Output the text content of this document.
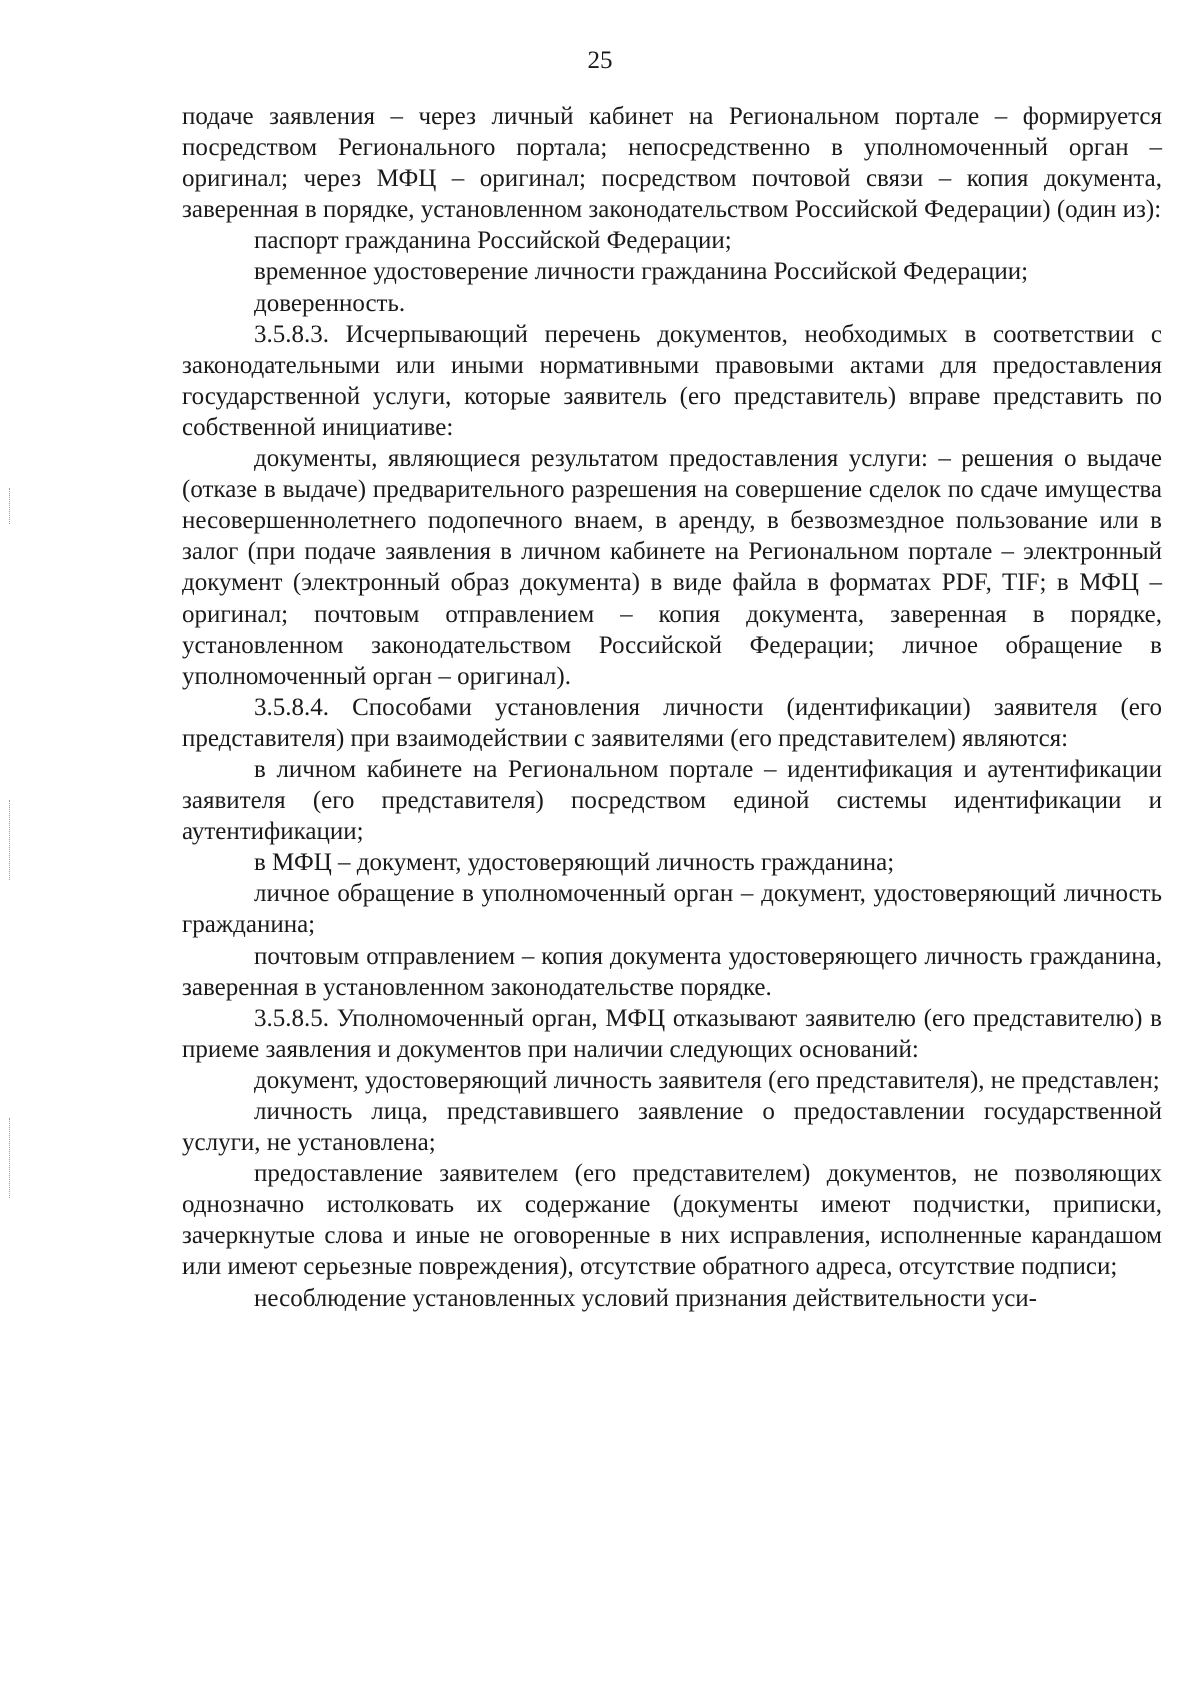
25

подаче заявления – через личный кабинет на Региональном портале – формируется посредством Регионального портала; непосредственно в уполномоченный орган – оригинал; через МФЦ – оригинал; посредством почтовой связи – копия документа, заверенная в порядке, установленном законодательством Российской Федерации) (один из):

паспорт гражданина Российской Федерации;

временное удостоверение личности гражданина Российской Федерации;

доверенность.

3.5.8.3. Исчерпывающий перечень документов, необходимых в соответствии с законодательными или иными нормативными правовыми актами для предоставления государственной услуги, которые заявитель (его представитель) вправе представить по собственной инициативе:

документы, являющиеся результатом предоставления услуги: – решения о выдаче (отказе в выдаче) предварительного разрешения на совершение сделок по сдаче имущества несовершеннолетнего подопечного внаем, в аренду, в безвозмездное пользование или в залог (при подаче заявления в личном кабинете на Региональном портале – электронный документ (электронный образ документа) в виде файла в форматах PDF, TIF; в МФЦ – оригинал; почтовым отправлением – копия документа, заверенная в порядке, установленном законодательством Российской Федерации; личное обращение в уполномоченный орган – оригинал).

3.5.8.4. Способами установления личности (идентификации) заявителя (его представителя) при взаимодействии с заявителями (его представителем) являются:

в личном кабинете на Региональном портале – идентификация и аутентификации заявителя (его представителя) посредством единой системы идентификации и аутентификации;

в МФЦ – документ, удостоверяющий личность гражданина;

личное обращение в уполномоченный орган – документ, удостоверяющий личность гражданина;

почтовым отправлением – копия документа удостоверяющего личность гражданина, заверенная в установленном законодательстве порядке.

3.5.8.5. Уполномоченный орган, МФЦ отказывают заявителю (его представителю) в приеме заявления и документов при наличии следующих оснований:

документ, удостоверяющий личность заявителя (его представителя), не представлен;

личность лица, представившего заявление о предоставлении государственной услуги, не установлена;

предоставление заявителем (его представителем) документов, не позволяющих однозначно истолковать их содержание (документы имеют подчистки, приписки, зачеркнутые слова и иные не оговоренные в них исправления, исполненные карандашом или имеют серьезные повреждения), отсутствие обратного адреса, отсутствие подписи;

несоблюдение установленных условий признания действительности уси-
